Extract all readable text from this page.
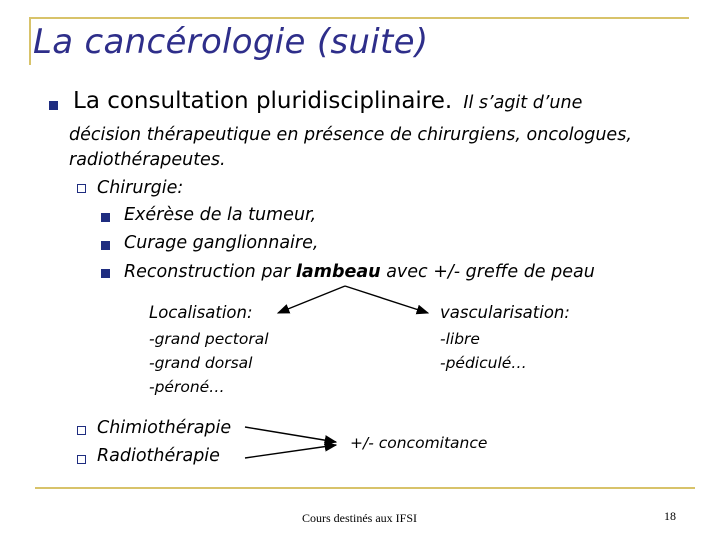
La cancérologie (suite)
La consultation pluridisciplinaire. Il s’agit d’une
décision thérapeutique en présence de chirurgiens, oncologues,
radiothérapeutes.
Chirurgie:
Exérèse de la tumeur,
Curage ganglionnaire,
Reconstruction par lambeau avec +/- greffe de peau
Localisation:
-grand pectoral
-grand dorsal
-péroné…
vascularisation:
-libre
-pédiculé…
Chimiothérapie
Radiothérapie
+/- concomitance
Cours destinés aux IFSI	18
